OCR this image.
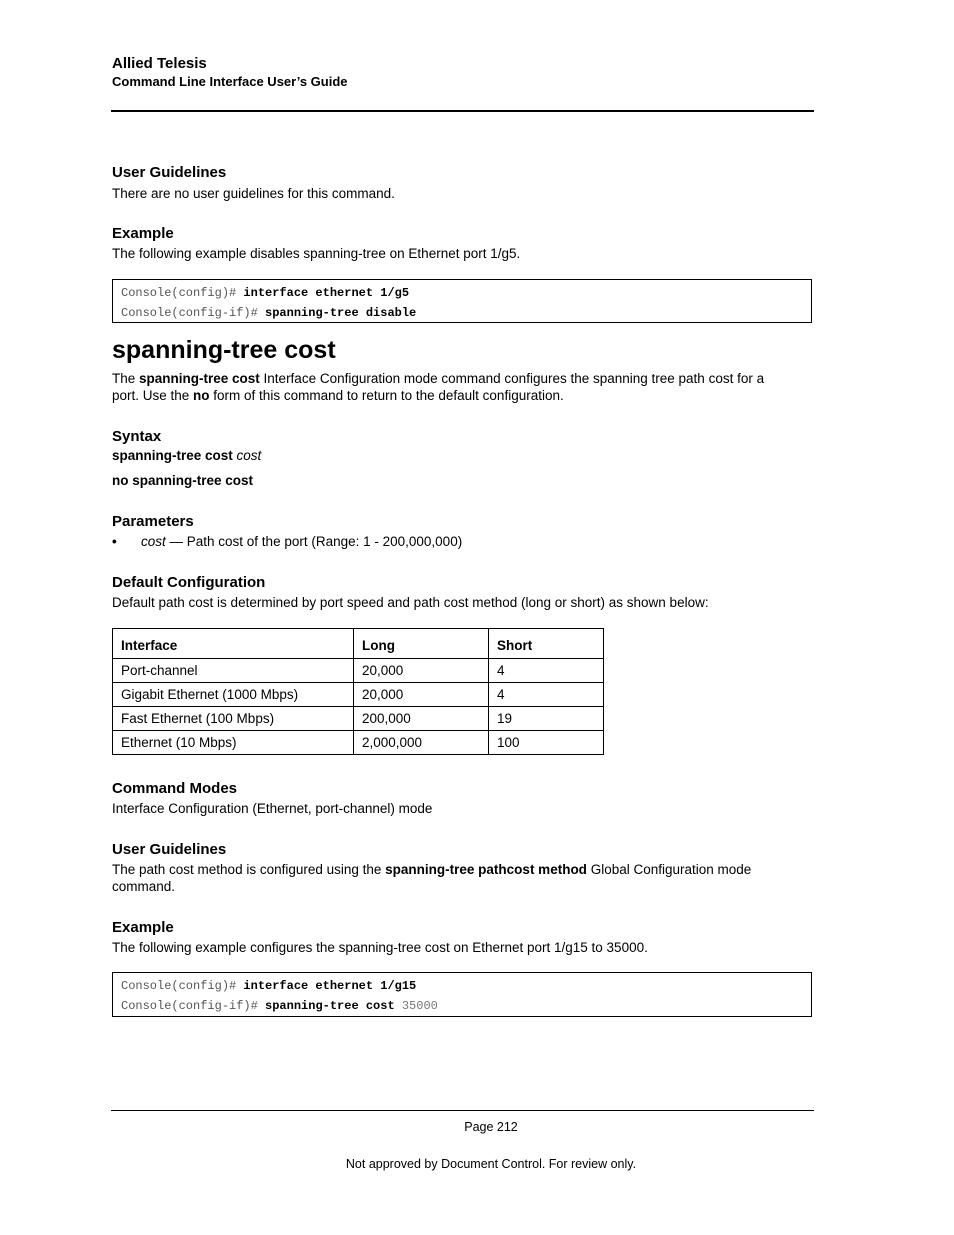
Allied Telesis
Command Line Interface User’s Guide
User Guidelines
There are no user guidelines for this command.
Example
The following example disables spanning-tree on Ethernet port 1/g5.
Console(config)# interface ethernet 1/g5
Console(config-if)# spanning-tree disable
spanning-tree cost
The spanning-tree cost Interface Configuration mode command configures the spanning tree path cost for a
port. Use the no form of this command to return to the default configuration.
Syntax
spanning-tree cost cost
no spanning-tree cost
Parameters
• cost — Path cost of the port (Range: 1 - 200,000,000)
Default Configuration
Default path cost is determined by port speed and path cost method (long or short) as shown below:
Interface	Long	Short
Port-channel	20,000	4
Gigabit Ethernet (1000 Mbps)	20,000	4
Fast Ethernet (100 Mbps)	200,000	19
Ethernet (10 Mbps)	2,000,000	100
Command Modes
Interface Configuration (Ethernet, port-channel) mode
User Guidelines
The path cost method is configured using the spanning-tree pathcost method Global Configuration mode
command.
Example
The following example configures the spanning-tree cost on Ethernet port 1/g15 to 35000.
Console(config)# interface ethernet 1/g15
Console(config-if)# spanning-tree cost 35000
Page 212
Not approved by Document Control. For review only.
